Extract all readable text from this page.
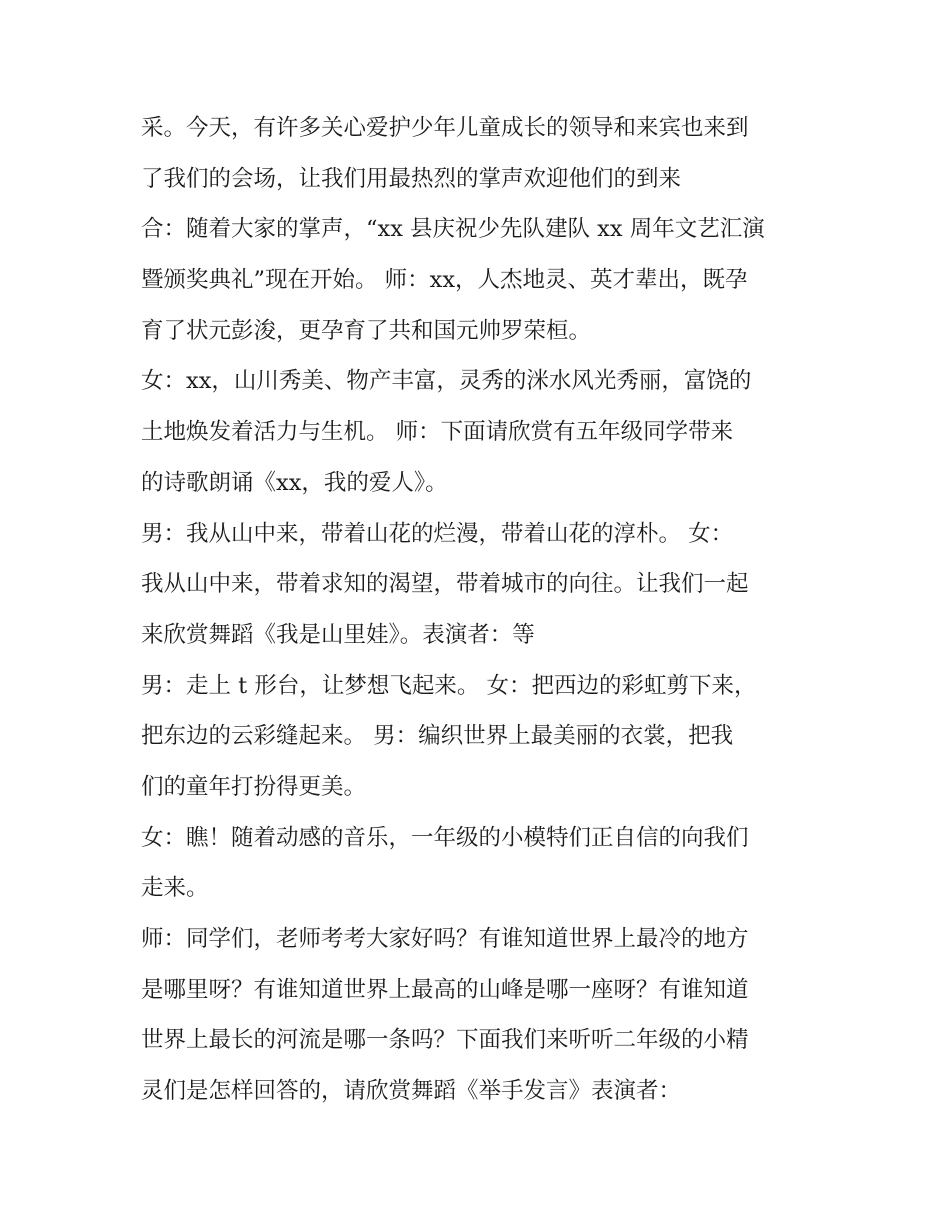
采。今天，有许多关心爱护少年儿童成长的领导和来宾也来到
了我们的会场，让我们用最热烈的掌声欢迎他们的到来
合：随着大家的掌声，“xx 县庆祝少先队建队 xx 周年文艺汇演
暨颁奖典礼”现在开始。 师：xx，人杰地灵、英才辈出，既孕
育了状元彭浚，更孕育了共和国元帅罗荣桓。
女：xx，山川秀美、物产丰富，灵秀的洣水风光秀丽，富饶的
土地焕发着活力与生机。 师：下面请欣赏有五年级同学带来
的诗歌朗诵《xx，我的爱人》。
男：我从山中来，带着山花的烂漫，带着山花的淳朴。 女：
我从山中来，带着求知的渴望，带着城市的向往。让我们一起
来欣赏舞蹈《我是山里娃》。表演者：等
男：走上 t 形台，让梦想飞起来。 女：把西边的彩虹剪下来，
把东边的云彩缝起来。 男：编织世界上最美丽的衣裳，把我
们的童年打扮得更美。
女：瞧！随着动感的音乐，一年级的小模特们正自信的向我们
走来。
师：同学们，老师考考大家好吗？有谁知道世界上最冷的地方
是哪里呀？有谁知道世界上最高的山峰是哪一座呀？有谁知道
世界上最长的河流是哪一条吗？下面我们来听听二年级的小精
灵们是怎样回答的，请欣赏舞蹈《举手发言》表演者：
